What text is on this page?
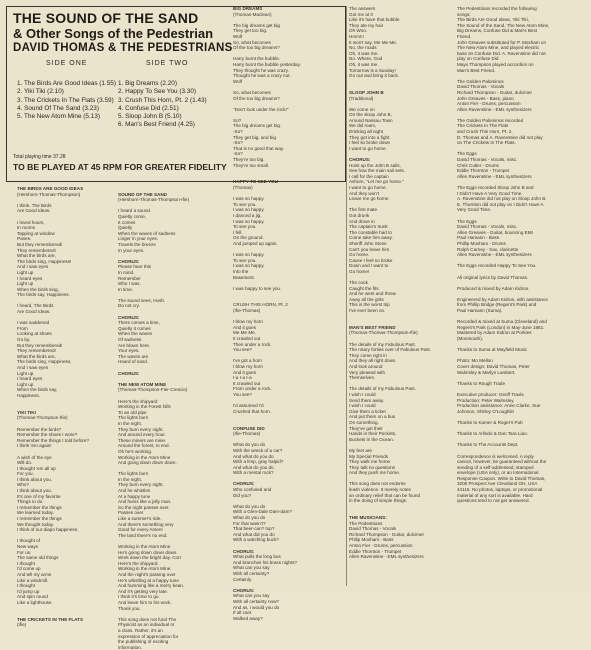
THE SOUND OF THE SAND
& Other Songs of the Pedestrian
DAVID THOMAS & THE PEDESTRIANS
SIDE ONE	SIDE TWO
1. The Birds Are Good Ideas (1.55)
2. Yiki Tiki (2.10)
3. The Crickets In The Flats (3.59)
4. Sound Of The Sand (3.23)
5. The New Atom Mine (5.13)
1. Big Dreams (2.20)
2. Happy To See You (3.30)
3. Crush This Horn, Pt. 2 (1.43)
4. Confuse Did (2.51)
5. Sloop John B (5.10)
6. Man's Best Friend (4.25)
Total playing time 37.28
TO BE PLAYED AT 45 RPM FOR GREATER FIDELITY
THE BIRDS ARE GOOD IDEAS
(Hershorn-Thomas-Thompson)
I think. The Birds
Are Good Ideas.
I loved hours,
In rooms
Tapping at window
Panes.
But they remembered!
They remembered!
What the birds are,
The birds sing, Happiness!
And I saw eyes
Light up
I heard eyes
Light up
When the birds sing,
The birds say, Happiness.
I heard, The Birds
Are Good Ideas.
I was saddened
From
Looking at shoes
Go by.
But they remembered!
They remembered!
What the birds are,
The birds sing, Happiness,
And I saw eyes
Light up
I heard eyes
Light up
When the birds say,
Happiness.
YIKI TIKI
(Thomas-Thompson-Ifie)
Remember the birds?
Remember the shoes I wore?
Remember the things I told before?
I think 'em again!
A wish of the eye
Will do.
I thought 'em all up
For you.
I think about you.
Who?
I think about you.
It's one of my favorite
Things to do.
I remember the things
We learned today.
I remember the things
We thought today.
I think of our diapo happiness.
I thought of
New ways
For us.
The same old things
I thought
I'd come up
And tell my arms
Like a windmill.
I thought
I'd jump up
And spin round
Like a lighthouse.
THE CRICKETS IN THE FLATS
(Ifie)
SOUND OF THE SAND
(Hershorn-Thomas-Thompson-Ifie)
I heard a sound
Quietly come,
It comes
Quietly
When the waves of sadness
Linger in your eyes.
Travels the breeze
In your eyes.
CHORUS:
Please hear this
In mind.
Remember
Who I was.
In time.
The sound sees, Hush.
Do not cry.
CHORUS:
There comes a time,
Quietly it comes
When the waves
Of sadness
Are blown here.
Your eyes.
The waves are
Heard of sand.
CHORUS:
THE NEW ATOM MINE
(Thomas-Thompson-Fier-Crescio)
Here's the shipyard
Working in the Forest hills
To an old pipe
The lights burn
In the night.
They burn every night.
And around every hour.
These miners are mine.
Around the forest, to end.
Oh he's working.
Working in the Atom Mine
And going down down down.
The lights burn
In the night.
They burn every night.
And he whistles
At a happy tune
And hums like a jolly man.
So the night passes over.
Passes over
Like a summer's ride.
And there's something very
Good for every Amen!
The land there's no end.
Working in the Atom Mine
He's going down down down.
Work down the bright day. Corr
Here's the shipyard.
Working in the Atom Mine.
And the night's passing over
He's whistling at a happy tune
And humming like a merry bean.
And it's getting very late.
I think it's time to go.
And leave him to his work.
Thank you.
This song does not fund The
Physicist as an individual or
a class. Rather, it's an
expression of appreciation for
the publishing of exciting
information.
BIG DREAMS
(Thomas-Maclean)
The big dreams get big
They get too big.
Wolf
So, what becomes
Of the too big dreams?
Harry burnt the bubble.
Harry burnt the bubble yesterday.
They thought he was crazy.
Thought he was a crazy nut.
Wolf
So, what becomes
Of the too big dreams?
"Don't look under the rock!"
So?
The big dreams get big.
-So?
They get big, and big.
-So?
That is no good that way.
-So?
They're too big.
They're too small.
HAPPY TO SEE YOU
(Thomas)
I was so happy.
To see you.
I was so happy.
I danced a jig.
I was so happy.
To see you.
I fell
On the ground.
And jumped up again.
I was so happy.
To see you.
I was so happy.
Into the
Basement.
I was happy to see you.
CRUSH THIS HORN, Pt. 2
(Ifie-Thomas)
I blow my horn
And it goes
Me Me Me.
It crawled out
Then under a rock.
You see?
I've got a horn
I blow my horn
And it goes
I-a I-a I-a
It crawled out
From under a rock.
You see?
I'd assumed I'd
Crushed that horn.
CONFUSE DID
(Ifie-Thomas)
What do you do
With the wreck of a car?
And what do you do
With a limp, gray halpid?
And what do you do
With a mental rock?
CHORUS:
Who confused and
Did you?
What do you do
With a Glen-Dale Dam-dam?
What do you do
For that wasn't?
That beer-can? top?
And what did you do
With a watching buck?
CHORUS:
What pulls the long bus
And branches his brass nights?
What can you say
With all certainty?
Certainly.
CHORUS:
What can you say
With all certainty now?
And as, i would you do
If all cars
Walked away?
The answers
Got me at it
Like it's have that bubble.
They ate my hair
Oh Woo.
Hmm!!!
It won't say, Me Me Me.
No, the roads
Oh, it was me.
No. Where, God
Oh, it was me.
Tomorrow is a Sunday!
Go out and bring it back.
SLOOP JOHN B
(Traditional)
We come on
On the sloop John B,
Around Nassau Town
We did roam,
Drinking all night
They got into a fight.
I feel so broke down
I want to go home.
CHORUS:
Hoist up the John B sails,
See how the main sail sets.
I call for the captain
Ashore, "Let me go home."
I want to go home.
And they won't
Leave me go home.
The first mate
Got drunk
And drove in
The captain's trunk
The constable had to
Come take him away.
Sheriff John Stone
Can't you leave him
Go home.
Cause I feel so broke
Down and I want to
Go home!
The cook
Caught the fits
And he went and threw
Away all the grits
This is the worst trip
I've ever been on.
MAN'S BEST FRIEND
(Thomas-Thomas-Thompson-Ifie)
The details of my Fabulous Past.
The rotary forties over of Fabulous Past.
They come right in
And they all right down
And look around
Very pleased with
Themselves.
The details of my Fabulous Past.
I wish I could
Send them away.
I wish I could
Give them a ticket
And put them on a bus
On something.
They've got their
Hands in their Pockets,
Buckets in the Ocean.
My feet are
My Special Friends
They walk me home.
They talk no questions
And they push me home.
This song does not endorse
leash violence. It merely notes
an ordinary relief that can be found
in the doing of simple things.
THE MUSICIANS:
The Pedestrians
David Thomas - Vocals
Richard Thompson - Guitar, dulcimer
Philip Moxham - Bass
Anton Fier - Drums, percussion
Eddie Thornton - Trumpet
Allen Ravenstine - EML synthesizers
The Pedestrians recorded the following
songs:
The Birds Are Good Ideas, Yiki Tiki,
The Sound of the Sand, The New Atom Mine,
Big Dreams, Confuse Did & Man's Best
Friend.
John Greaves substituted for P. Moxham on
The New Atom Mine, and played electric
bass on Confuse Did. A. Ravenstine did not
play on Confuse Did.
Mayo Thompson played accordion on
Man's Best Friend.
The Golden Palominos
David Thomas - Vocals
Richard Thompson - Guitar, dulcimer
John Greaves - Bass, piano
Anton Fier - Drums, percussion
Allen Ravenstine - EML synthesizers
The Golden Palominos recorded
The Crickets In The Flats
and Crush This Horn, Pt. 2.
D. Thomas and A. Ravenstine did not play
on The Crickets In The Flats.
The Eggs
David Thomas - Vocals, misc.
Chris Cutler - Drums
Eddie Thornton - Trumpet
Allen Ravenstine - EML synthesizers
The Eggs recorded Sloop John B and
I Didn't Have A Very Good Time.
A. Ravenstine did not play on Sloop John B.
E. Thornton did not play on I Didn't Have A
Very Good Time.
The Eggs
David Thomas - Vocals, misc.
Allen Greaves - Guitar, bouncing EMI
Paul Hamann - Bass
Phillip Moxham - Drums
Ralph Carney - Sax, clarinette
Allen Ravenstine - EML synthesizers
The Eggs recorded Happy To See You.
All original lyrics by David Thomas.
Produced & mixed by Adam Kidron.
Engineered by Adam Kidron, with assistance
from Phillip Bridge (Regent's Park) and
Paul Hamann (Suma).
Recorded & mixed at Suma (Cleveland) and
Regent's Park (London) in May-June 1981.
Mastered by Adam Kidron at Porkies
(Monmouth).
Thanks to Suma at Mayfield Music
Photo: Mo Mellon
Cover design: David Thomas, Peter
Walmsley & Marlyn Lambert.
Thanks to Rough Trade
Executive producer: Geoff Travis.
Production: Peter Walmsley.
Production assistance: Anne Clarke, Sue
Johnson, Shirley O'Loughlin
Thanks to Kamer & Roger's Pub
Thanks to Arlindo & Dan Tara Liao.
Thanks to The Accounts Dept.
Correspondence is welcomed. A reply
cannot, however, be guaranteed without the
sending of a self-addressed, stamped
envelope (USA only), or an International
Response Coupon. Write to David Thomas,
3206 Prospect Ave Cleveland OH, USA
44115. No photos, laptops, or promotional
material of any sort is available. Hard
questions tend to not get answered.
